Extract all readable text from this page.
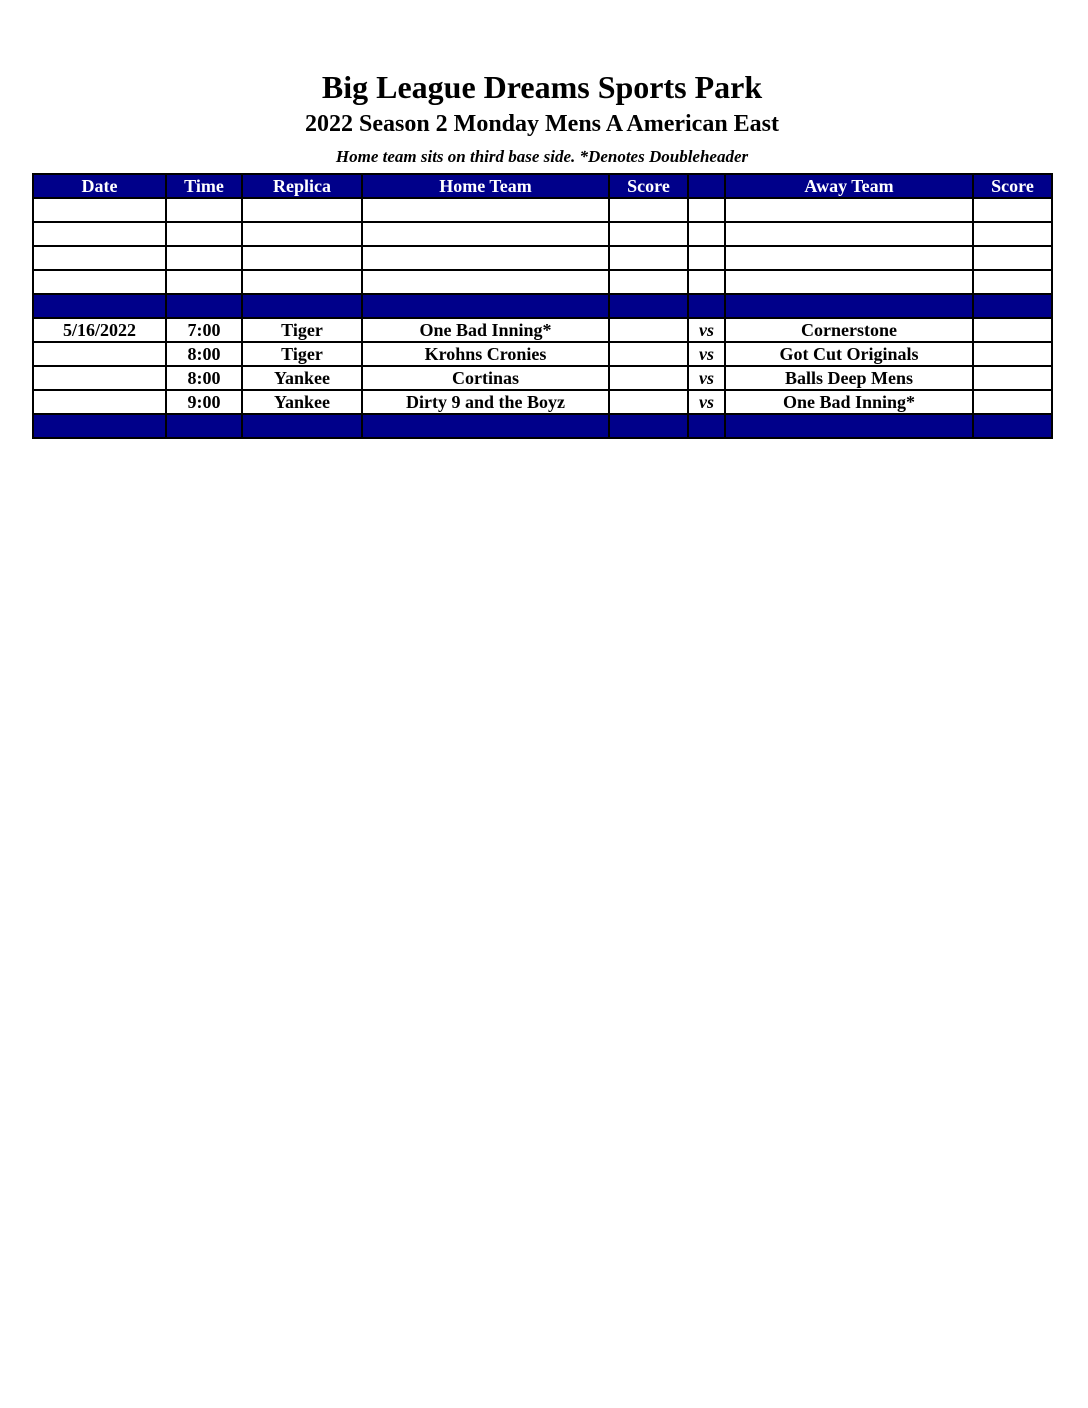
Big League Dreams Sports Park
2022 Season 2 Monday Mens A American East
Home team sits on third base side. *Denotes Doubleheader
Date	Time	Replica	Home Team	Score		Away Team	Score

5/16/2022	7:00	Tiger	One Bad Inning*		vs	Cornerstone	
	8:00	Tiger	Krohns Cronies		vs	Got Cut Originals	
	8:00	Yankee	Cortinas		vs	Balls Deep Mens	
	9:00	Yankee	Dirty 9 and the Boyz		vs	One Bad Inning*	
